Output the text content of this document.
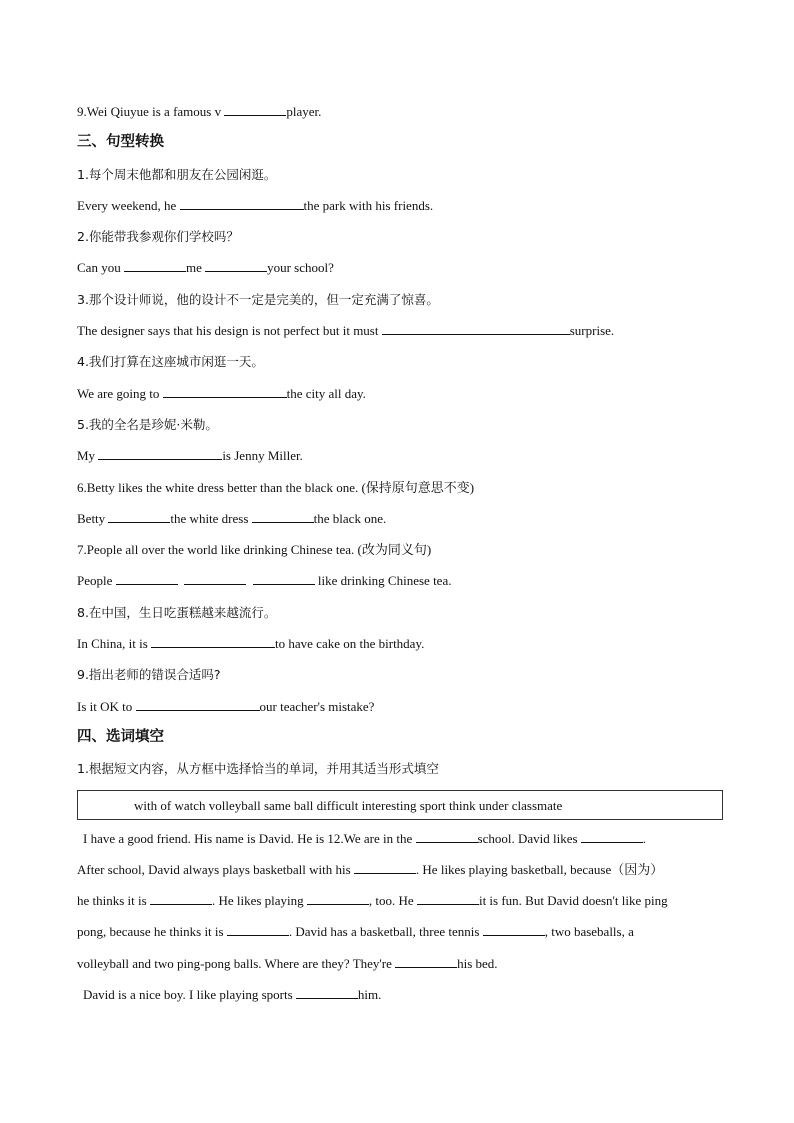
9.Wei Qiuyue is a famous v	player.
三、句型转换
1.每个周末他都和朋友在公园闲逛。
Every weekend, he	the park with his friends.
2.你能带我参观你们学校吗？
Can you	me	your school?
3.那个设计师说，他的设计不一定是完美的，但一定充满了惊喜。
The designer says that his design is not perfect but it must	surprise.
4.我们打算在这座城市闲逛一天。
We are going to	the city all day.
5.我的全名是珍妮·米勒。
My	is Jenny Miller.
6.Betty likes the white dress better than the black one. (保持原句意思不变)
Betty	the white dress	the black one.
7.People all over the world like drinking Chinese tea. (改为同义句)
People	like drinking Chinese tea.
8.在中国，生日吃蛋糕越来越流行。
In China, it is	to have cake on the birthday.
9.指出老师的错误合适吗?
Is it OK to	our teacher's mistake?
四、选词填空
1.根据短文内容，从方框中选择恰当的单词，并用其适当形式填空
with of watch volleyball same ball difficult interesting sport think under classmate
I have a good friend. His name is David. He is 12.We are in the	school. David likes	.
After school, David always plays basketball with his	. He likes playing basketball, because（因为）
he thinks it is	. He likes playing	, too. He	it is fun. But David doesn't like ping
pong, because he thinks it is	. David has a basketball, three tennis	, two baseballs, a
volleyball and two ping-pong balls. Where are they? They're	his bed.
David is a nice boy. I like playing sports	him.
